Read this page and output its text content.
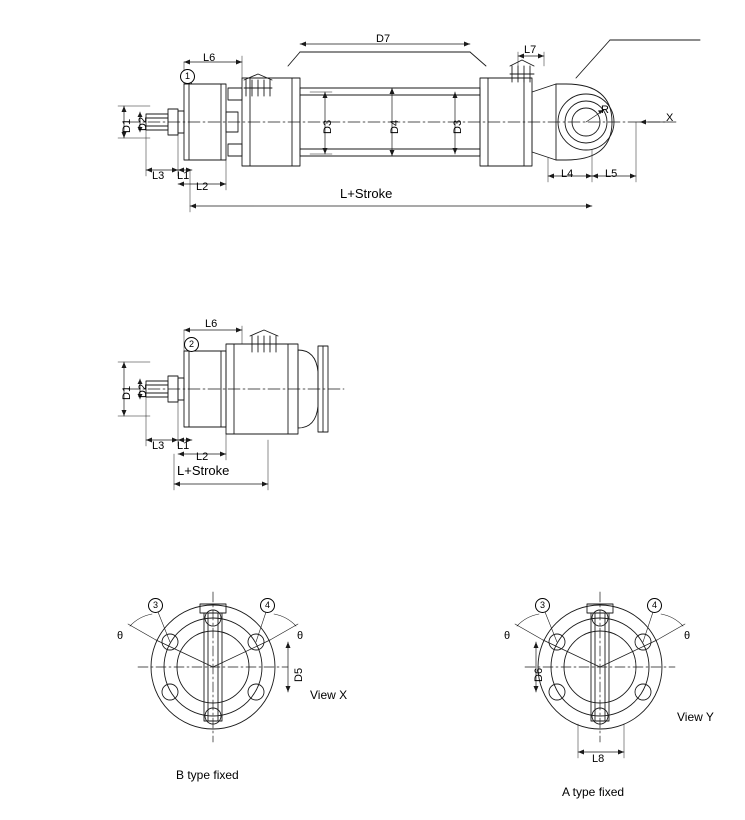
L6
D7
L7
1
D1 D2	D3	D4	D3
R
X
L3 L1
L2
L4	L5
L+Stroke
L6
2
D1 D2
L3 L1
L2
L+Stroke
3	4
θ	θ
D5
View X
B type fixed
3	4
θ	θ
D6
L8
View Y
A type fixed
